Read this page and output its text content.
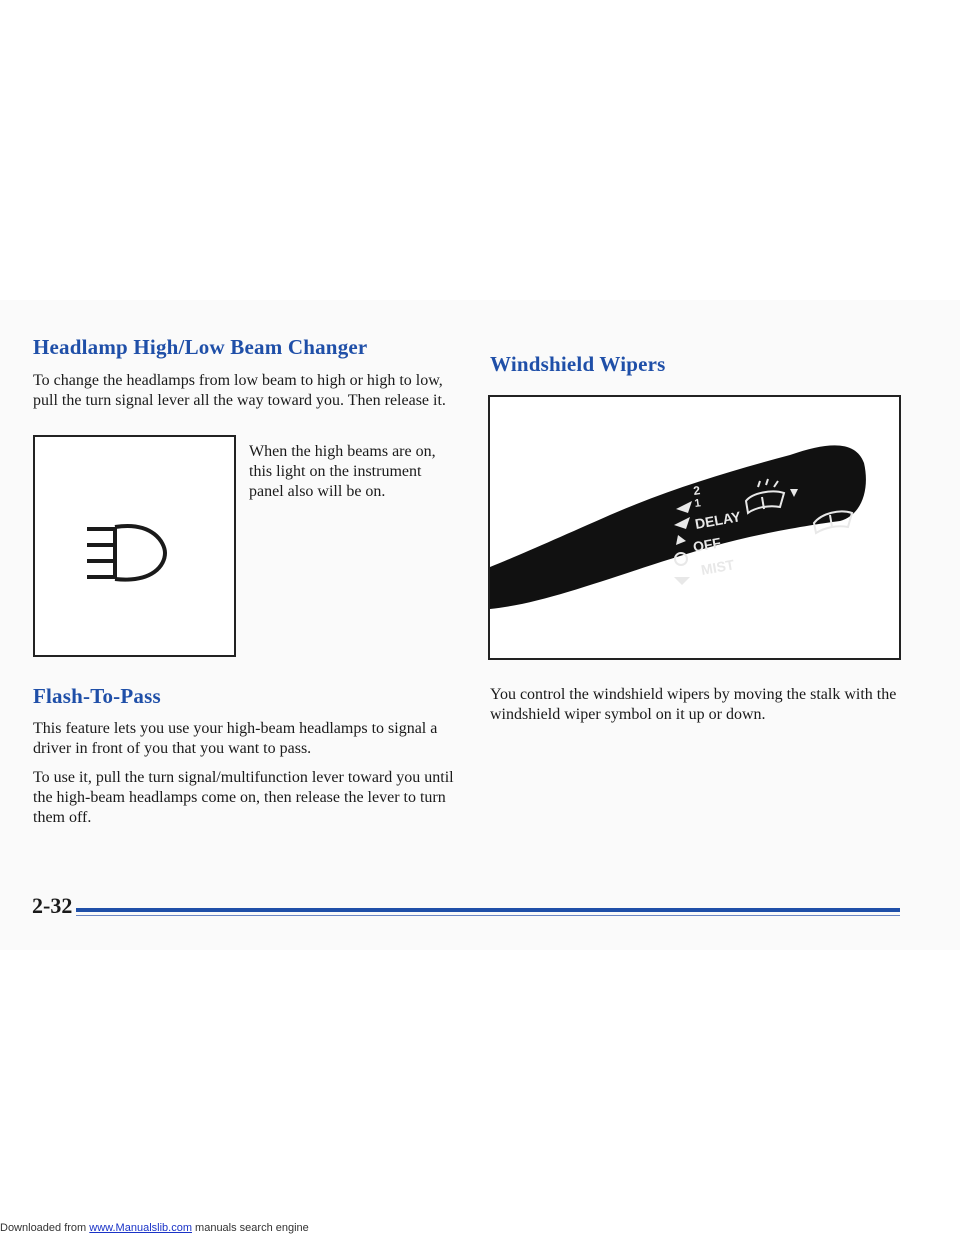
Headlamp High/Low Beam Changer

To change the headlamps from low beam to high or high to low, pull the turn signal lever all the way toward you. Then release it.

When the high beams are on, this light on the instrument panel also will be on.

Flash-To-Pass

This feature lets you use your high-beam headlamps to signal a driver in front of you that you want to pass.

To use it, pull the turn signal/multifunction lever toward you until the high-beam headlamps come on, then release the lever to turn them off.

Windshield Wipers
2
1
DELAY
OFF
MIST

You control the windshield wipers by moving the stalk with the windshield wiper symbol on it up or down.

2-32
Downloaded from www.Manualslib.com manuals search engine
